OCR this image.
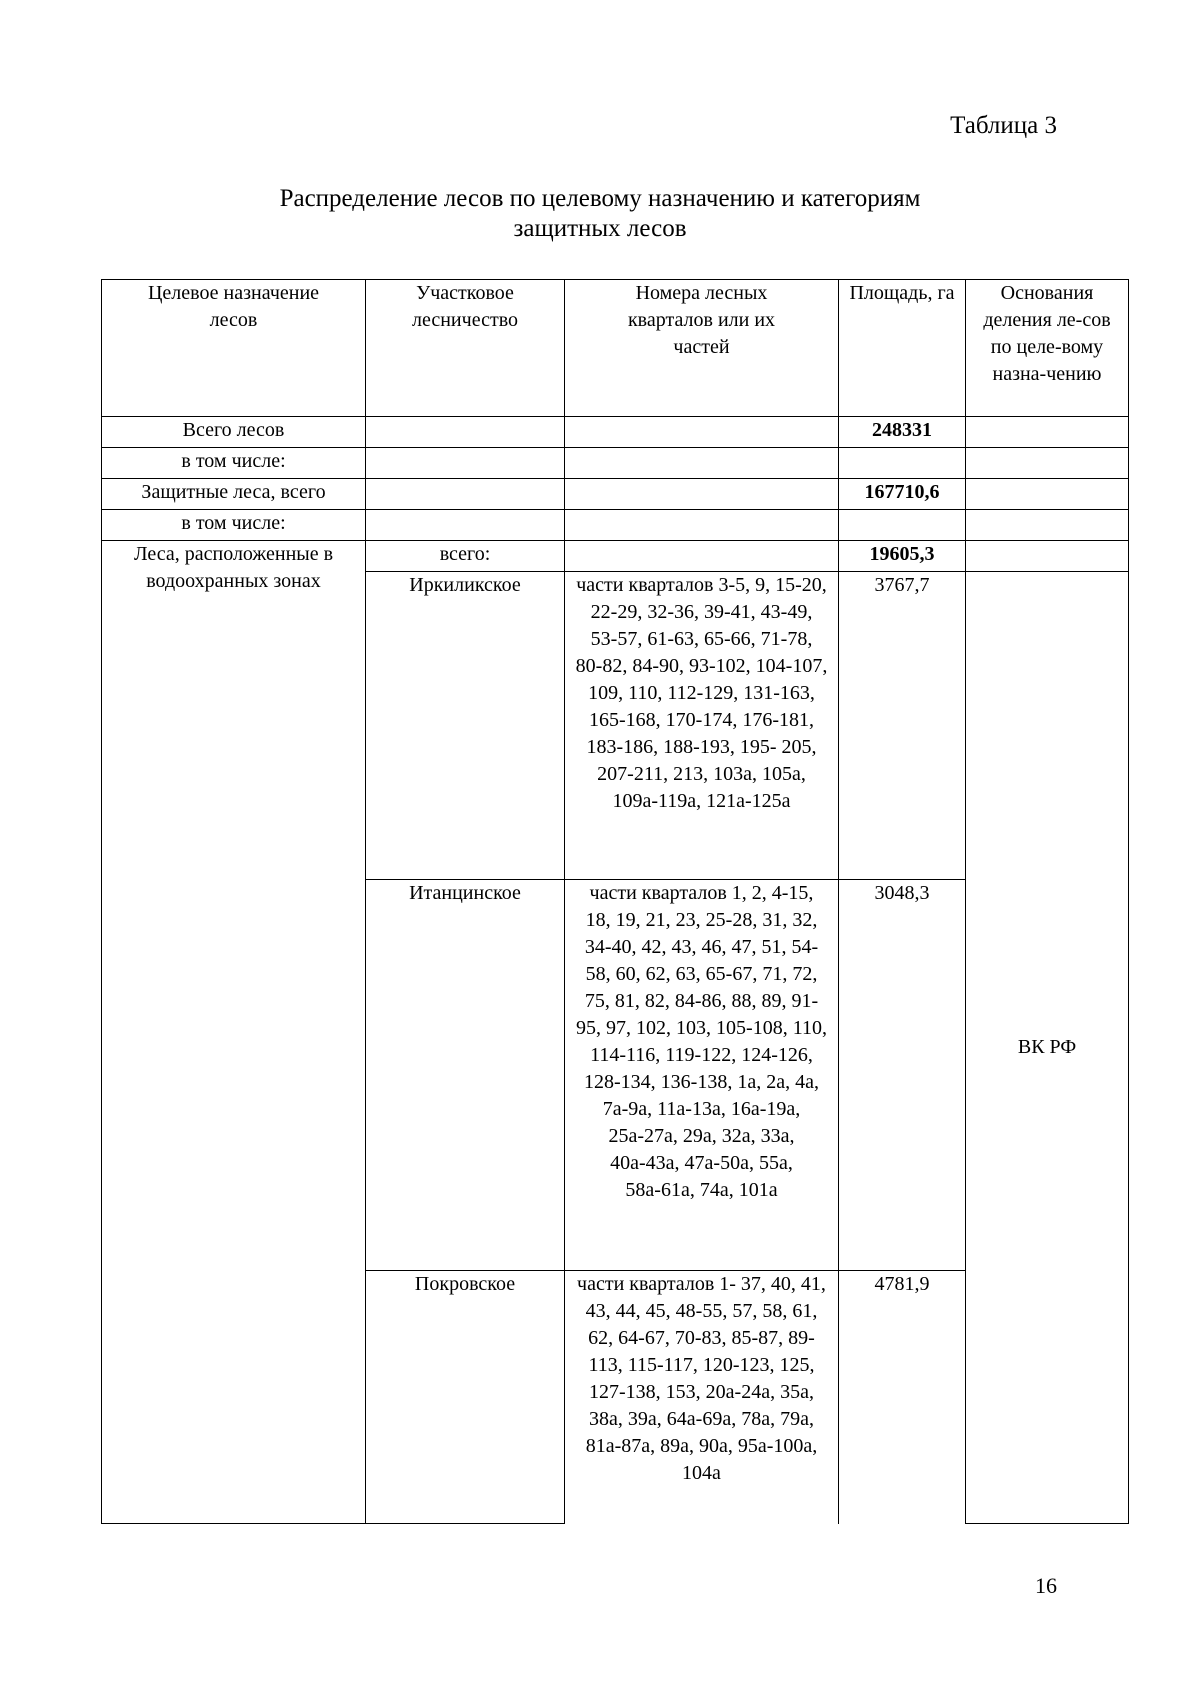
Таблица 3
Распределение лесов по целевому назначению и категориям
защитных лесов
Целевое назначение лесов	Участковое лесничество	Номера лесных кварталов или их частей	Площадь, га	Основания деления ле-сов по целе-вому назна-чению
Всего лесов			248331	
в том числе:				
Защитные леса, всего			167710,6	
в том числе:				
Леса, расположенные в водоохранных зонах	всего:		19605,3	
	Иркиликское	части кварталов 3-5, 9, 15-20, 22-29, 32-36, 39-41, 43-49, 53-57, 61-63, 65-66, 71-78, 80-82, 84-90, 93-102, 104-107, 109, 110, 112-129, 131-163, 165-168, 170-174, 176-181, 183-186, 188-193, 195- 205, 207-211, 213, 103а, 105а, 109а-119а, 121а-125а	3767,7	ВК РФ
	Итанцинское	части кварталов 1, 2, 4-15, 18, 19, 21, 23, 25-28, 31, 32, 34-40, 42, 43, 46, 47, 51, 54-58, 60, 62, 63, 65-67, 71, 72, 75, 81, 82, 84-86, 88, 89, 91-95, 97, 102, 103, 105-108, 110, 114-116, 119-122, 124-126, 128-134, 136-138, 1а, 2а, 4а, 7а-9а, 11а-13а, 16а-19а, 25а-27а, 29а, 32а, 33а, 40а-43а, 47а-50а, 55а, 58а-61а, 74а, 101а	3048,3	
	Покровское	части кварталов 1- 37, 40, 41, 43, 44, 45, 48-55, 57, 58, 61, 62, 64-67, 70-83, 85-87, 89-113, 115-117, 120-123, 125, 127-138, 153, 20а-24а, 35а, 38а, 39а, 64а-69а, 78а, 79а, 81а-87а, 89а, 90а, 95а-100а, 104а	4781,9	
16
